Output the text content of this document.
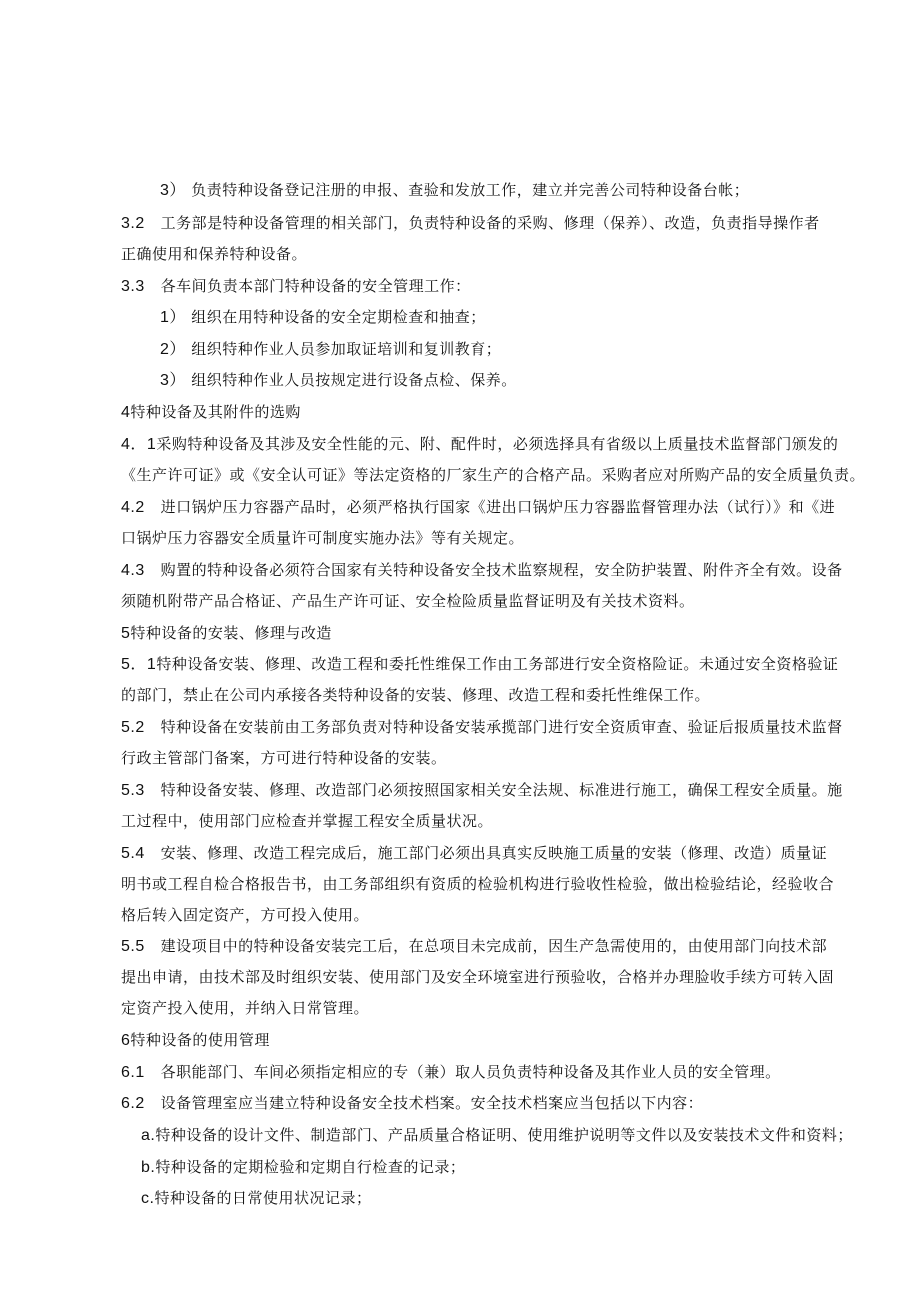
3） 负责特种设备登记注册的申报、查验和发放工作，建立并完善公司特种设备台帐；
3.2 工务部是特种设备管理的相关部门，负责特种设备的采购、修理（保养）、改造，负责指导操作者
正确使用和保养特种设备。
3.3 各车间负责本部门特种设备的安全管理工作：
1） 组织在用特种设备的安全定期检查和抽查；
2） 组织特种作业人员参加取证培训和复训教育；
3） 组织特种作业人员按规定进行设备点检、保养。
4特种设备及其附件的选购
4．1采购特种设备及其涉及安全性能的元、附、配件时，必须选择具有省级以上质量技术监督部门颁发的
《生产许可证》或《安全认可证》等法定资格的厂家生产的合格产品。采购者应对所购产品的安全质量负责。
4.2 进口锅炉压力容器产品时，必须严格执行国家《进出口锅炉压力容器监督管理办法（试行）》和《进
口锅炉压力容器安全质量许可制度实施办法》等有关规定。
4.3 购置的特种设备必须符合国家有关特种设备安全技术监察规程，安全防护装置、附件齐全有效。设备
须随机附带产品合格证、产品生产许可证、安全检险质量监督证明及有关技术资料。
5特种设备的安装、修理与改造
5．1特种设备安装、修理、改造工程和委托性维保工作由工务部进行安全资格险证。未通过安全资格验证
的部门，禁止在公司内承接各类特种设备的安装、修理、改造工程和委托性维保工作。
5.2 特种设备在安装前由工务部负责对特种设备安装承揽部门进行安全资质审查、验证后报质量技术监督
行政主管部门备案，方可进行特种设备的安装。
5.3 特种设备安装、修理、改造部门必须按照国家相关安全法规、标准进行施工，确保工程安全质量。施
工过程中，使用部门应检查并掌握工程安全质量状况。
5.4 安装、修理、改造工程完成后，施工部门必须出具真实反映施工质量的安装（修理、改造）质量证
明书或工程自检合格报告书，由工务部组织有资质的检验机构进行验收性检验，做出检验结论，经验收合
格后转入固定资产，方可投入使用。
5.5 建设项目中的特种设备安装完工后，在总项目未完成前，因生产急需使用的，由使用部门向技术部
提出申请，由技术部及时组织安装、使用部门及安全环境室进行预验收，合格并办理脸收手续方可转入固
定资产投入使用，并纳入日常管理。
6特种设备的使用管理
6.1 各职能部门、车间必须指定相应的专（兼）取人员负责特种设备及其作业人员的安全管理。
6.2 设备管理室应当建立特种设备安全技术档案。安全技术档案应当包括以下内容：
a.特种设备的设计文件、制造部门、产品质量合格证明、使用维护说明等文件以及安装技术文件和资料；
b.特种设备的定期检验和定期自行检查的记录；
c.特种设备的日常使用状况记录；
